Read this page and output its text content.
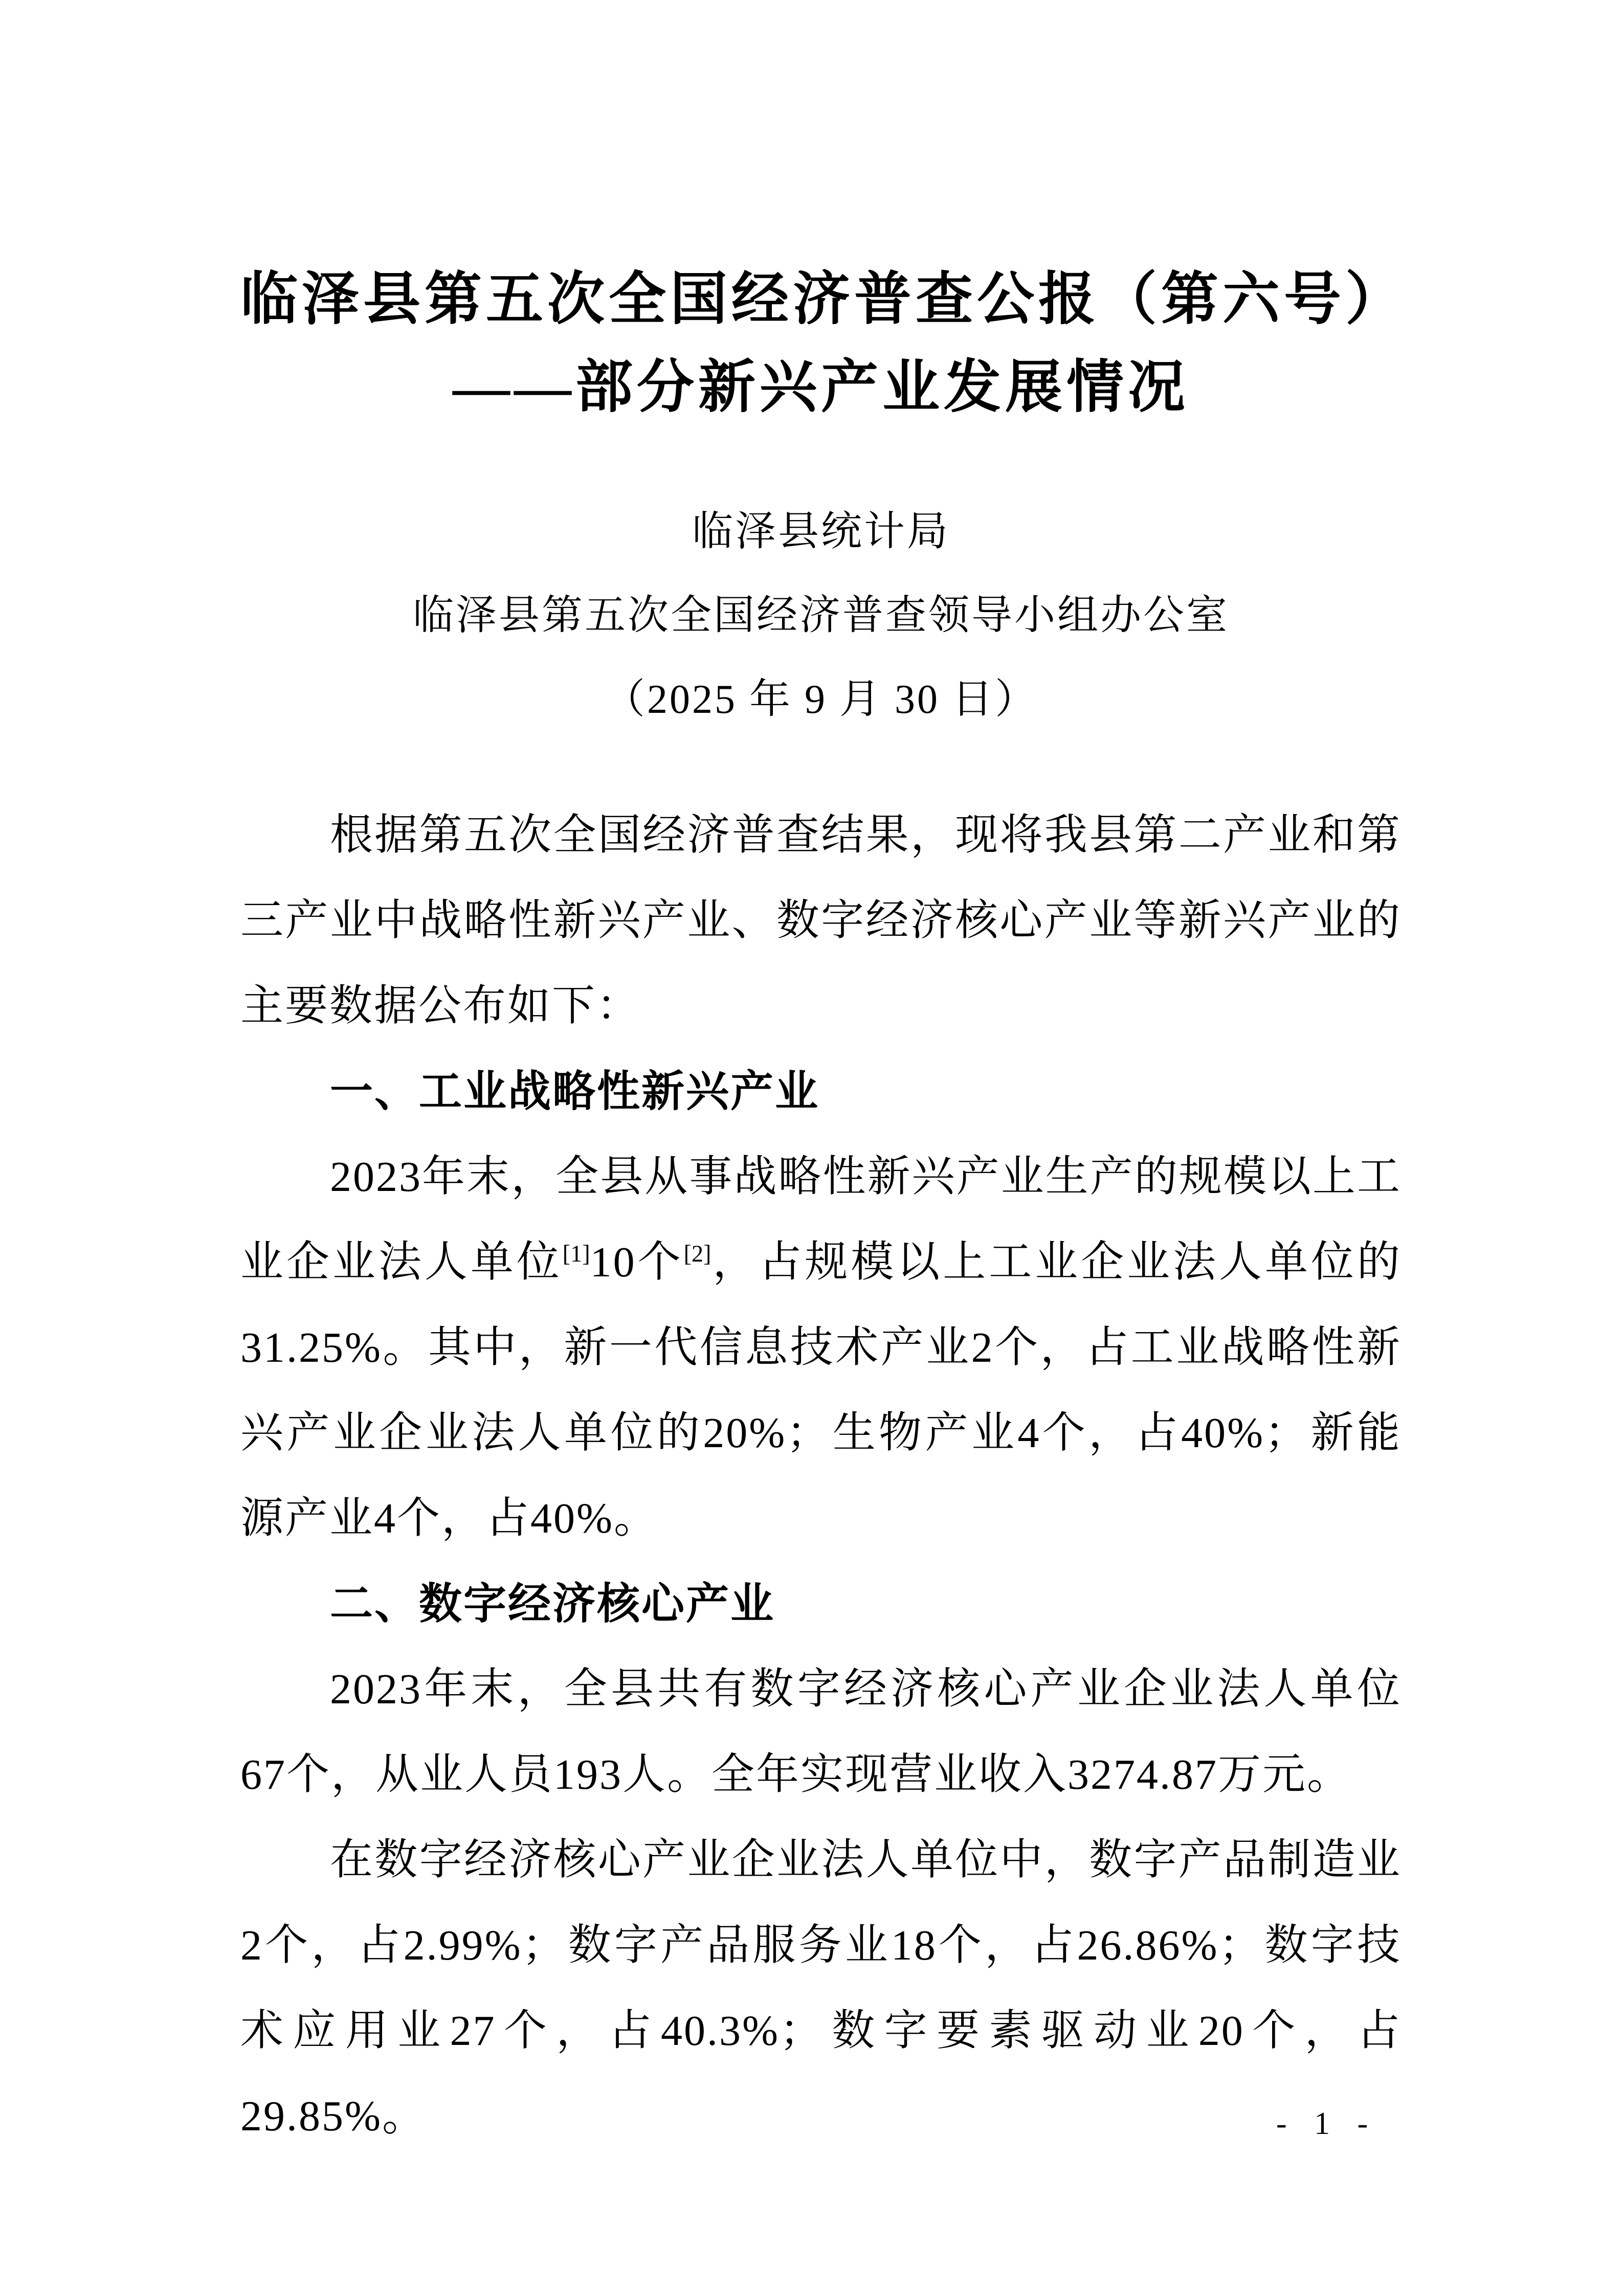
临泽县第五次全国经济普查公报（第六号）
——部分新兴产业发展情况
临泽县统计局
临泽县第五次全国经济普查领导小组办公室
（2025 年 9 月 30 日）

根据第五次全国经济普查结果，现将我县第二产业和第三产业中战略性新兴产业、数字经济核心产业等新兴产业的主要数据公布如下：

一、工业战略性新兴产业

2023年末，全县从事战略性新兴产业生产的规模以上工业企业法人单位[1]10个[2]，占规模以上工业企业法人单位的31.25%。其中，新一代信息技术产业2个，占工业战略性新兴产业企业法人单位的20%；生物产业4个，占40%；新能源产业4个，占40%。

二、数字经济核心产业

2023年末，全县共有数字经济核心产业企业法人单位67个，从业人员193人。全年实现营业收入3274.87万元。

在数字经济核心产业企业法人单位中，数字产品制造业2个，占2.99%；数字产品服务业18个，占26.86%；数字技术应用业27个，占40.3%；数字要素驱动业20个，占29.85%。	- 1 -
